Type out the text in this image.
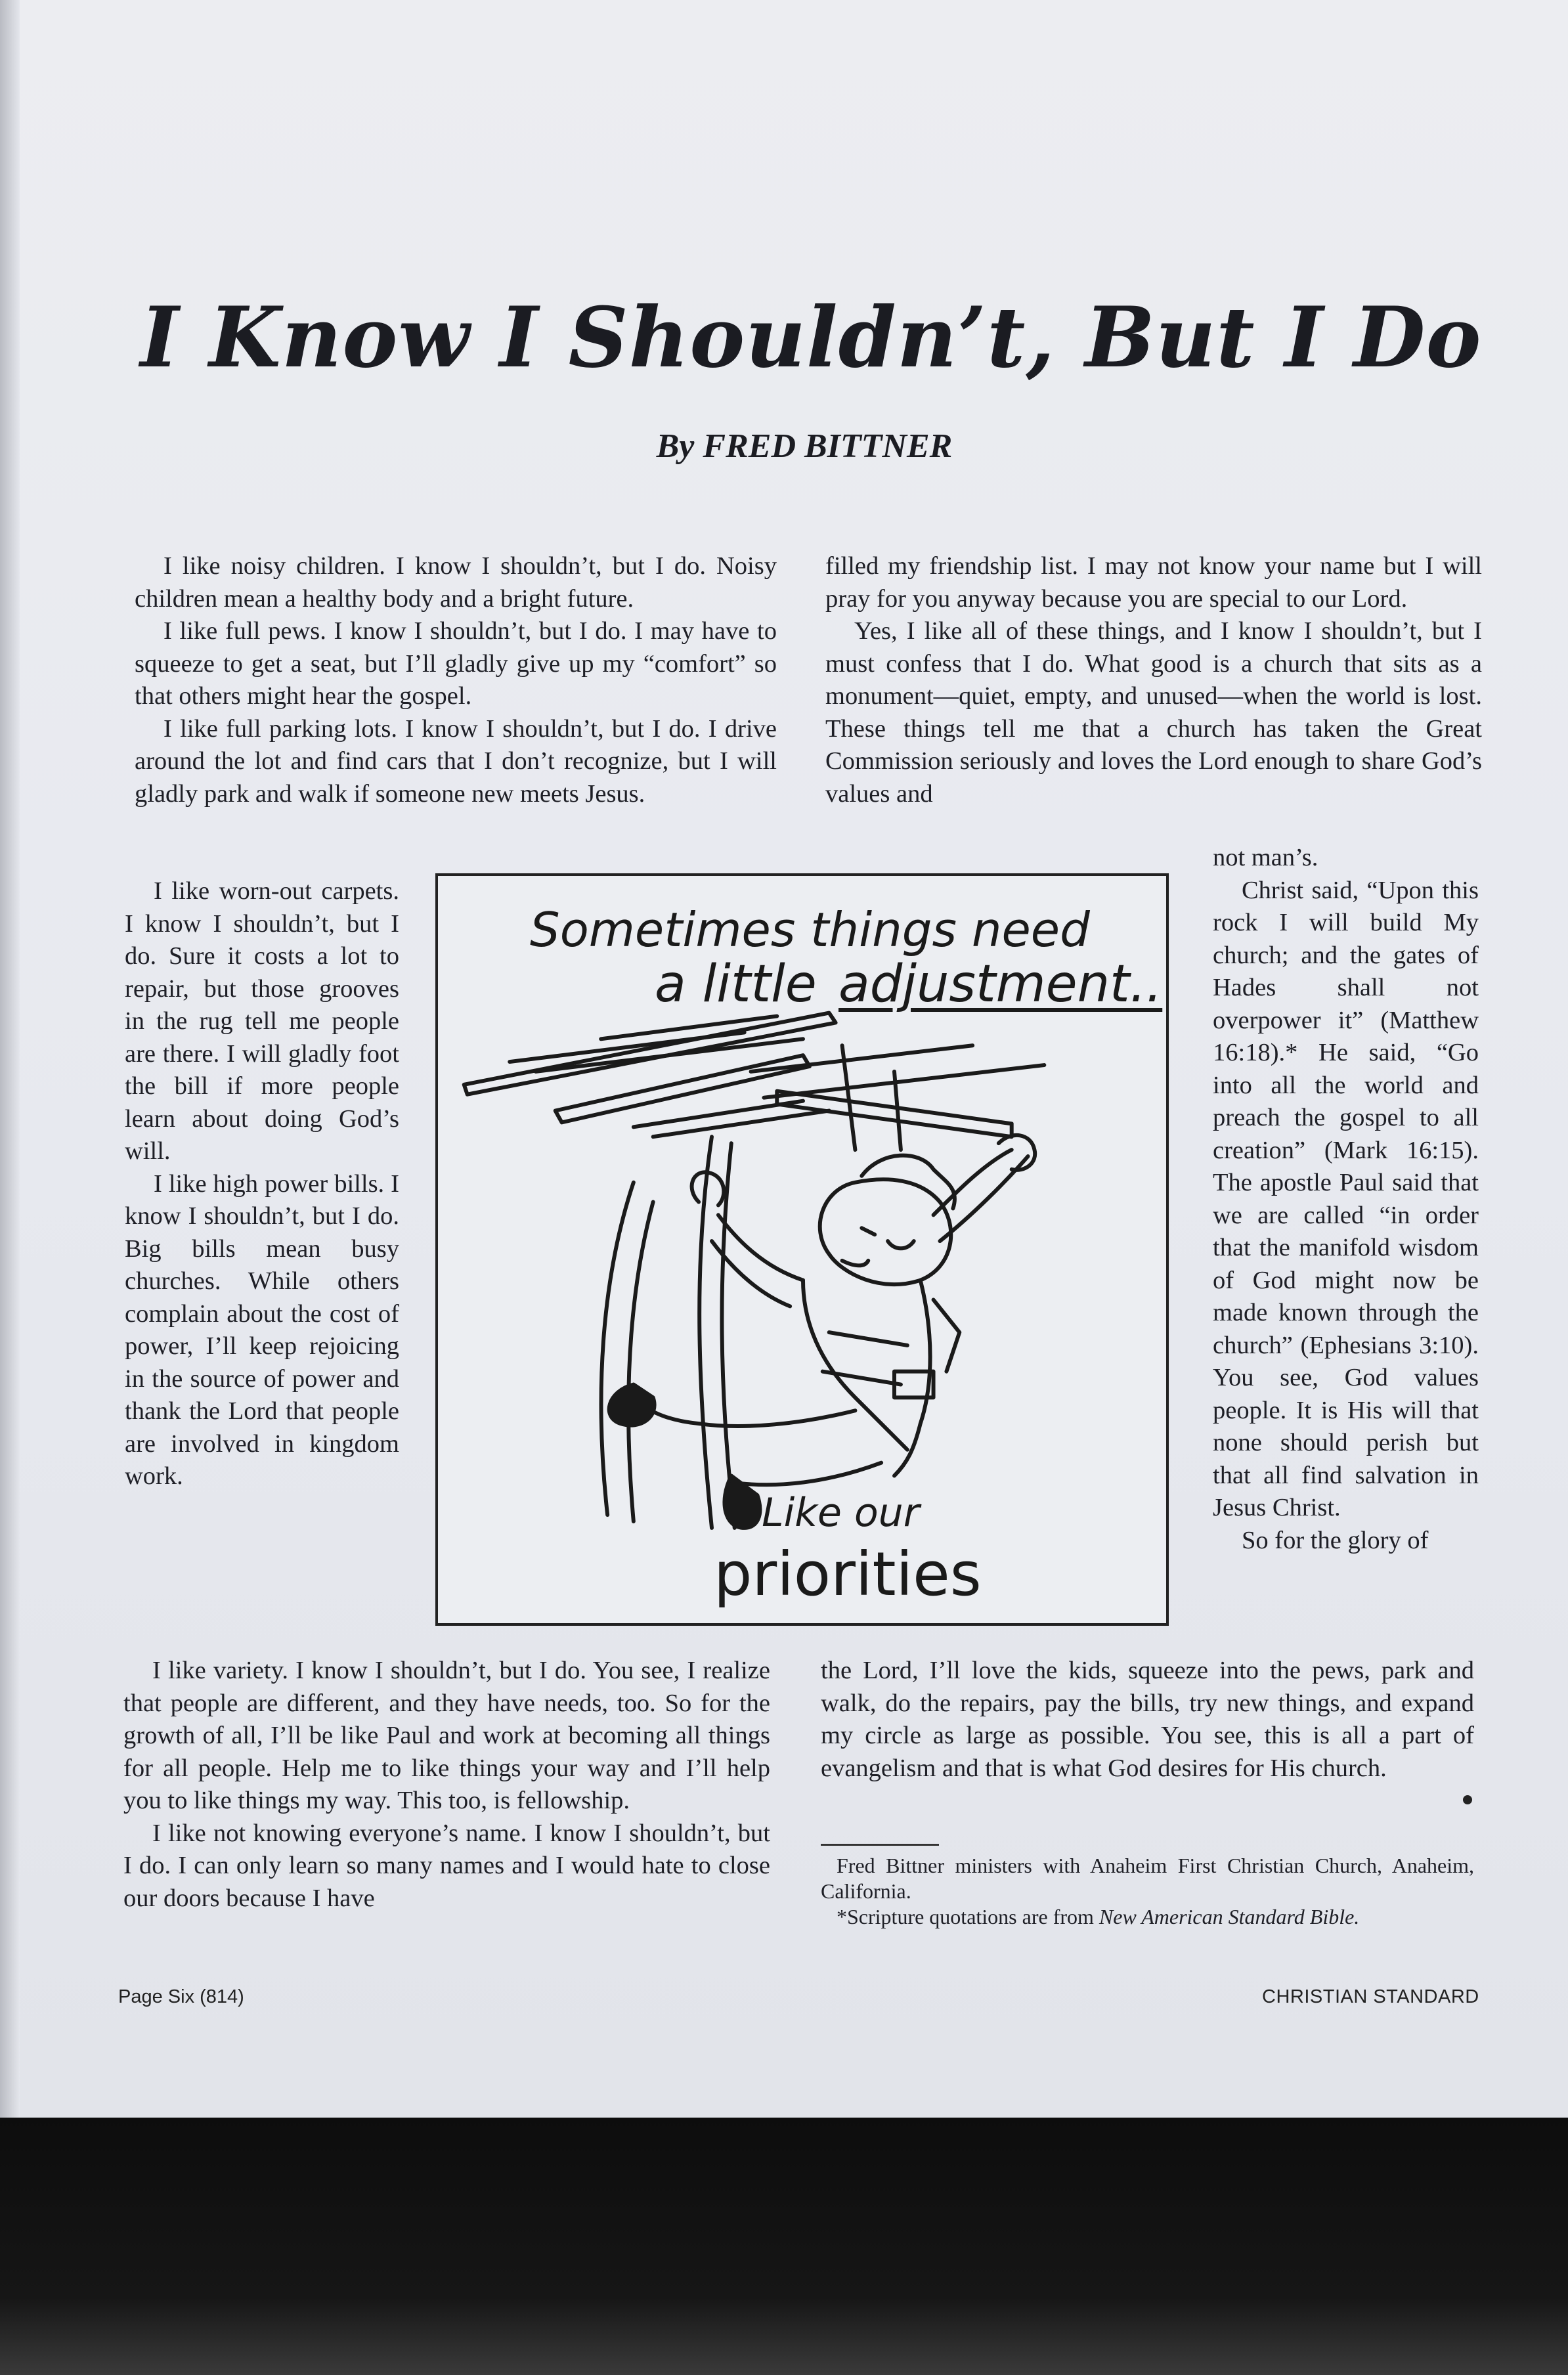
I Know I Shouldn’t, But I Do
By FRED BITTNER

I like noisy children. I know I shouldn’t, but I do. Noisy children mean a healthy body and a bright future.

I like full pews. I know I shouldn’t, but I do. I may have to squeeze to get a seat, but I’ll gladly give up my “comfort” so that others might hear the gospel.

I like full parking lots. I know I shouldn’t, but I do. I drive around the lot and find cars that I don’t recognize, but I will gladly park and walk if someone new meets Jesus.

filled my friendship list. I may not know your name but I will pray for you anyway because you are special to our Lord.

Yes, I like all of these things, and I know I shouldn’t, but I must confess that I do. What good is a church that sits as a monument—quiet, empty, and unused—when the world is lost. These things tell me that a church has taken the Great Commission seriously and loves the Lord enough to share God’s values and

I like worn-out carpets. I know I shouldn’t, but I do. Sure it costs a lot to repair, but those grooves in the rug tell me people are there. I will gladly foot the bill if more people learn about doing God’s will.

I like high power bills. I know I shouldn’t, but I do. Big bills mean busy churches. While others complain about the cost of power, I’ll keep rejoicing in the source of power and thank the Lord that people are involved in kingdom work.

not man’s.

Christ said, “Upon this rock I will build My church; and the gates of Hades shall not overpower it” (Matthew 16:18).* He said, “Go into all the world and preach the gospel to all creation” (Mark 16:15). The apostle Paul said that we are called “in order that the manifold wisdom of God might now be made known through the church” (Ephesians 3:10). You see, God values people. It is His will that none should perish but that all find salvation in Jesus Christ.

So for the glory of

I like variety. I know I shouldn’t, but I do. You see, I realize that people are different, and they have needs, too. So for the growth of all, I’ll be like Paul and work at becoming all things for all people. Help me to like things your way and I’ll help you to like things my way. This too, is fellowship.

I like not knowing everyone’s name. I know I shouldn’t, but I do. I can only learn so many names and I would hate to close our doors because I have

the Lord, I’ll love the kids, squeeze into the pews, park and walk, do the repairs, pay the bills, try new things, and expand my circle as large as possible. You see, this is all a part of evangelism and that is what God desires for His church.

Fred Bittner ministers with Anaheim First Christian Church, Anaheim, California.

*Scripture quotations are from New American Standard Bible.

Sometimes things need
a little adjustment..
..Like our
priorities
Page Six (814)	CHRISTIAN STANDARD
